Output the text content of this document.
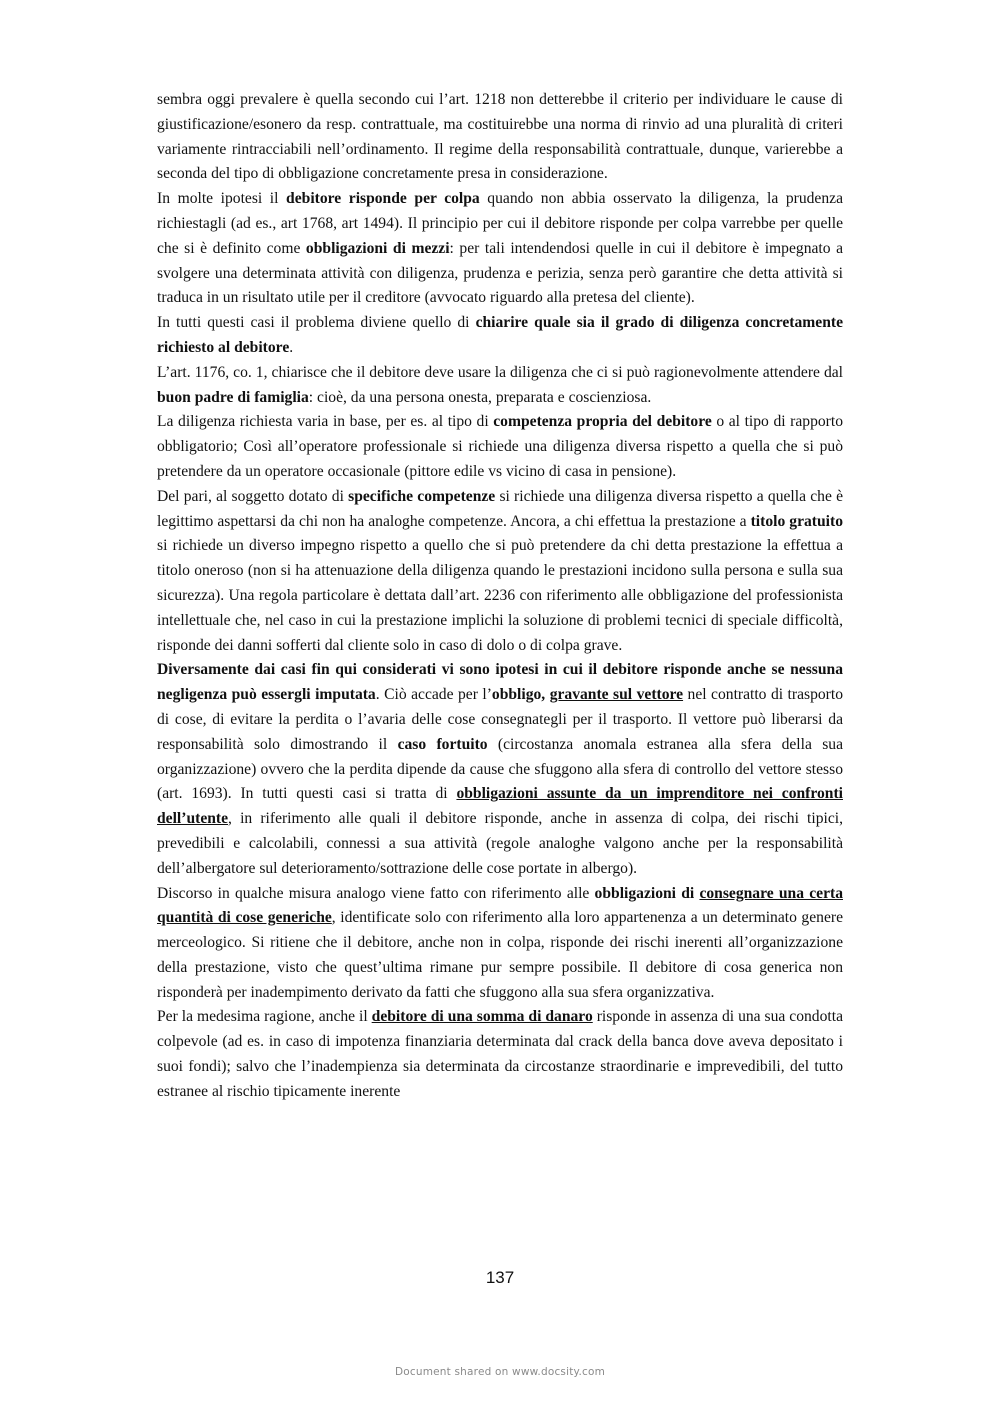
sembra oggi prevalere è quella secondo cui l’art. 1218 non detterebbe il criterio per individuare le cause di giustificazione/esonero da resp. contrattuale, ma costituirebbe una norma di rinvio ad una pluralità di criteri variamente rintracciabili nell’ordinamento. Il regime della responsabilità contrattuale, dunque, varierebbe a seconda del tipo di obbligazione concretamente presa in considerazione.

In molte ipotesi il debitore risponde per colpa quando non abbia osservato la diligenza, la prudenza richiestagli (ad es., art 1768, art 1494). Il principio per cui il debitore risponde per colpa varrebbe per quelle che si è definito come obbligazioni di mezzi: per tali intendendosi quelle in cui il debitore è impegnato a svolgere una determinata attività con diligenza, prudenza e perizia, senza però garantire che detta attività si traduca in un risultato utile per il creditore (avvocato riguardo alla pretesa del cliente).

In tutti questi casi il problema diviene quello di chiarire quale sia il grado di diligenza concretamente richiesto al debitore.

L’art. 1176, co. 1, chiarisce che il debitore deve usare la diligenza che ci si può ragionevolmente attendere dal buon padre di famiglia: cioè, da una persona onesta, preparata e coscienziosa.

La diligenza richiesta varia in base, per es. al tipo di competenza propria del debitore o al tipo di rapporto obbligatorio; Così all’operatore professionale si richiede una diligenza diversa rispetto a quella che si può pretendere da un operatore occasionale (pittore edile vs vicino di casa in pensione).

Del pari, al soggetto dotato di specifiche competenze si richiede una diligenza diversa rispetto a quella che è legittimo aspettarsi da chi non ha analoghe competenze. Ancora, a chi effettua la prestazione a titolo gratuito si richiede un diverso impegno rispetto a quello che si può pretendere da chi detta prestazione la effettua a titolo oneroso (non si ha attenuazione della diligenza quando le prestazioni incidono sulla persona e sulla sua sicurezza). Una regola particolare è dettata dall’art. 2236 con riferimento alle obbligazione del professionista intellettuale che, nel caso in cui la prestazione implichi la soluzione di problemi tecnici di speciale difficoltà, risponde dei danni sofferti dal cliente solo in caso di dolo o di colpa grave.

Diversamente dai casi fin qui considerati vi sono ipotesi in cui il debitore risponde anche se nessuna negligenza può essergli imputata. Ciò accade per l’obbligo, gravante sul vettore nel contratto di trasporto di cose, di evitare la perdita o l’avaria delle cose consegnategli per il trasporto. Il vettore può liberarsi da responsabilità solo dimostrando il caso fortuito (circostanza anomala estranea alla sfera della sua organizzazione) ovvero che la perdita dipende da cause che sfuggono alla sfera di controllo del vettore stesso (art. 1693). In tutti questi casi si tratta di obbligazioni assunte da un imprenditore nei confronti dell’utente, in riferimento alle quali il debitore risponde, anche in assenza di colpa, dei rischi tipici, prevedibili e calcolabili, connessi a sua attività (regole analoghe valgono anche per la responsabilità dell’albergatore sul deterioramento/sottrazione delle cose portate in albergo).

Discorso in qualche misura analogo viene fatto con riferimento alle obbligazioni di consegnare una certa quantità di cose generiche, identificate solo con riferimento alla loro appartenenza a un determinato genere merceologico. Si ritiene che il debitore, anche non in colpa, risponde dei rischi inerenti all’organizzazione della prestazione, visto che quest’ultima rimane pur sempre possibile. Il debitore di cosa generica non risponderà per inadempimento derivato da fatti che sfuggono alla sua sfera organizzativa.

Per la medesima ragione, anche il debitore di una somma di danaro risponde in assenza di una sua condotta colpevole (ad es. in caso di impotenza finanziaria determinata dal crack della banca dove aveva depositato i suoi fondi); salvo che l’inadempienza sia determinata da circostanze straordinarie e imprevedibili, del tutto estranee al rischio tipicamente inerente

137
Document shared on www.docsity.com
